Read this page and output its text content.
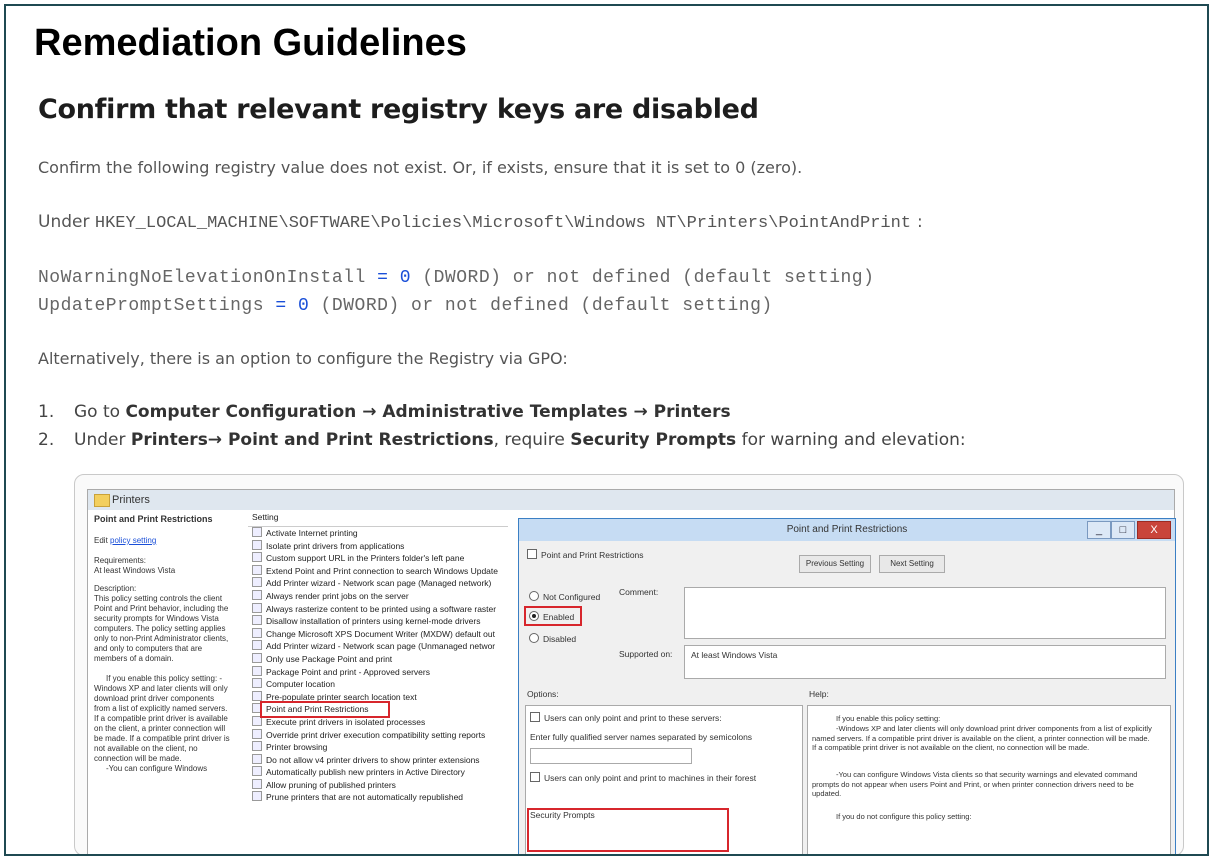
Remediation Guidelines
Confirm that relevant registry keys are disabled
Confirm the following registry value does not exist. Or, if exists, ensure that it is set to 0 (zero).
Under HKEY_LOCAL_MACHINE\SOFTWARE\Policies\Microsoft\Windows NT\Printers\PointAndPrint :
NoWarningNoElevationOnInstall = 0 (DWORD) or not defined (default setting)
UpdatePromptSettings = 0 (DWORD) or not defined (default setting)
Alternatively, there is an option to configure the Registry via GPO:
1. Go to Computer Configuration → Administrative Templates → Printers
2. Under Printers→ Point and Print Restrictions, require Security Prompts for warning and elevation:
Printers
Point and Print Restrictions
Edit policy setting
Requirements:
At least Windows Vista
Description:
This policy setting controls the client Point and Print behavior, including the security prompts for Windows Vista computers. The policy setting applies only to non-Print Administrator clients, and only to computers that are members of a domain.
If you enable this policy setting: -Windows XP and later clients will only download print driver components from a list of explicitly named servers. If a compatible print driver is available on the client, a printer connection will be made. If a compatible print driver is not available on the client, no connection will be made.
-You can configure Windows
Setting
Activate Internet printing
Isolate print drivers from applications
Custom support URL in the Printers folder's left pane
Extend Point and Print connection to search Windows Update
Add Printer wizard - Network scan page (Managed network)
Always render print jobs on the server
Always rasterize content to be printed using a software raster
Disallow installation of printers using kernel-mode drivers
Change Microsoft XPS Document Writer (MXDW) default out
Add Printer wizard - Network scan page (Unmanaged networ
Only use Package Point and print
Package Point and print - Approved servers
Computer location
Pre-populate printer search location text
Point and Print Restrictions
Execute print drivers in isolated processes
Override print driver execution compatibility setting reports
Printer browsing
Do not allow v4 printer drivers to show printer extensions
Automatically publish new printers in Active Directory
Allow pruning of published printers
Prune printers that are not automatically republished
Point and Print Restrictions	_	□	X
Point and Print Restrictions
Previous Setting	Next Setting
Not Configured
Enabled
Disabled
Comment:
Supported on: At least Windows Vista
Options:	Help:
Users can only point and print to these servers:
Enter fully qualified server names separated by semicolons
Users can only point and print to machines in their forest
Security Prompts
If you enable this policy setting:
-Windows XP and later clients will only download print driver components from a list of explicitly named servers. If a compatible print driver is available on the client, a printer connection will be made. If a compatible print driver is not available on the client, no connection will be made.
-You can configure Windows Vista clients so that security warnings and elevated command prompts do not appear when users Point and Print, or when printer connection drivers need to be updated.
If you do not configure this policy setting:
